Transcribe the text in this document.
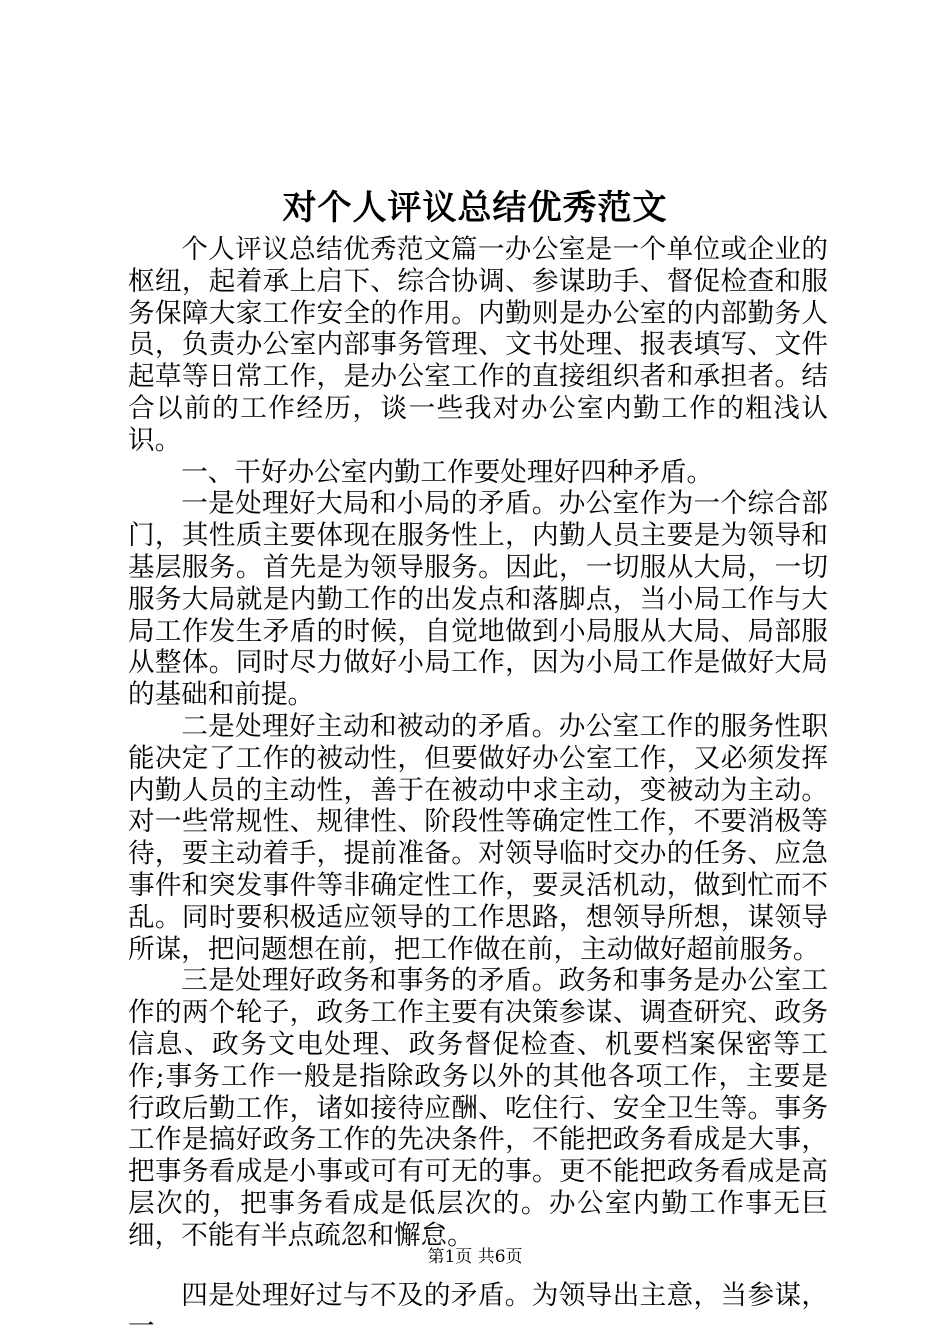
对个人评议总结优秀范文

个人评议总结优秀范文篇一办公室是一个单位或企业的枢纽，起着承上启下、综合协调、参谋助手、督促检查和服务保障大家工作安全的作用。内勤则是办公室的内部勤务人员，负责办公室内部事务管理、文书处理、报表填写、文件起草等日常工作，是办公室工作的直接组织者和承担者。结合以前的工作经历，谈一些我对办公室内勤工作的粗浅认识。

一、干好办公室内勤工作要处理好四种矛盾。

一是处理好大局和小局的矛盾。办公室作为一个综合部门，其性质主要体现在服务性上，内勤人员主要是为领导和基层服务。首先是为领导服务。因此，一切服从大局，一切服务大局就是内勤工作的出发点和落脚点，当小局工作与大局工作发生矛盾的时候，自觉地做到小局服从大局、局部服从整体。同时尽力做好小局工作，因为小局工作是做好大局的基础和前提。

二是处理好主动和被动的矛盾。办公室工作的服务性职能决定了工作的被动性，但要做好办公室工作，又必须发挥内勤人员的主动性，善于在被动中求主动，变被动为主动。对一些常规性、规律性、阶段性等确定性工作，不要消极等待，要主动着手，提前准备。对领导临时交办的任务、应急事件和突发事件等非确定性工作，要灵活机动，做到忙而不乱。同时要积极适应领导的工作思路，想领导所想，谋领导所谋，把问题想在前，把工作做在前，主动做好超前服务。

三是处理好政务和事务的矛盾。政务和事务是办公室工作的两个轮子，政务工作主要有决策参谋、调查研究、政务信息、政务文电处理、政务督促检查、机要档案保密等工作;事务工作一般是指除政务以外的其他各项工作，主要是行政后勤工作，诸如接待应酬、吃住行、安全卫生等。事务工作是搞好政务工作的先决条件，不能把政务看成是大事，把事务看成是小事或可有可无的事。更不能把政务看成是高层次的，把事务看成是低层次的。办公室内勤工作事无巨细，不能有半点疏忽和懈怠。

四是处理好过与不及的矛盾。为领导出主意，当参谋，一

第1页 共6页
